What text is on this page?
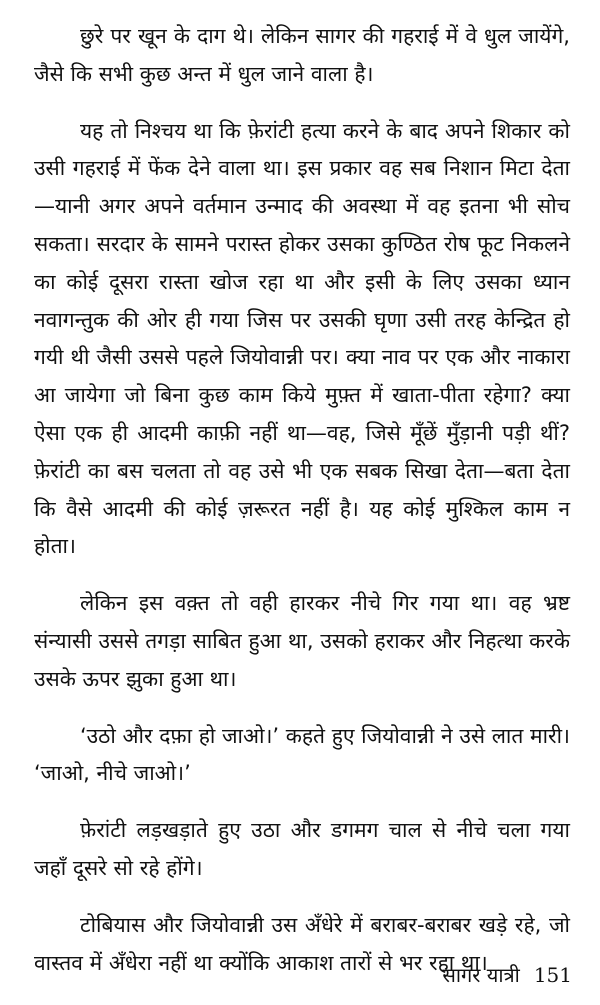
छुरे पर खून के दाग थे। लेकिन सागर की गहराई में वे धुल जायेंगे, जैसे कि सभी कुछ अन्त में धुल जाने वाला है।

यह तो निश्चय था कि फ़ेरांटी हत्या करने के बाद अपने शिकार को उसी गहराई में फेंक देने वाला था। इस प्रकार वह सब निशान मिटा देता—यानी अगर अपने वर्तमान उन्माद की अवस्था में वह इतना भी सोच सकता। सरदार के सामने परास्त होकर उसका कुण्ठित रोष फूट निकलने का कोई दूसरा रास्ता खोज रहा था और इसी के लिए उसका ध्यान नवागन्तुक की ओर ही गया जिस पर उसकी घृणा उसी तरह केन्द्रित हो गयी थी जैसी उससे पहले जियोवान्नी पर। क्या नाव पर एक और नाकारा आ जायेगा जो बिना कुछ काम किये मुफ़्त में खाता-पीता रहेगा? क्या ऐसा एक ही आदमी काफ़ी नहीं था—वह, जिसे मूँछें मुँड़ानी पड़ी थीं? फ़ेरांटी का बस चलता तो वह उसे भी एक सबक सिखा देता—बता देता कि वैसे आदमी की कोई ज़रूरत नहीं है। यह कोई मुश्किल काम न होता।

लेकिन इस वक़्त तो वही हारकर नीचे गिर गया था। वह भ्रष्ट संन्यासी उससे तगड़ा साबित हुआ था, उसको हराकर और निहत्था करके उसके ऊपर झुका हुआ था।

‘उठो और दफ़ा हो जाओ।’ कहते हुए जियोवान्नी ने उसे लात मारी। ‘जाओ, नीचे जाओ।’

फ़ेरांटी लड़खड़ाते हुए उठा और डगमग चाल से नीचे चला गया जहाँ दूसरे सो रहे होंगे।

टोबियास और जियोवान्नी उस अँधेरे में बराबर-बराबर खड़े रहे, जो वास्तव में अँधेरा नहीं था क्योंकि आकाश तारों से भर रहा था।

सागर यात्री 151
